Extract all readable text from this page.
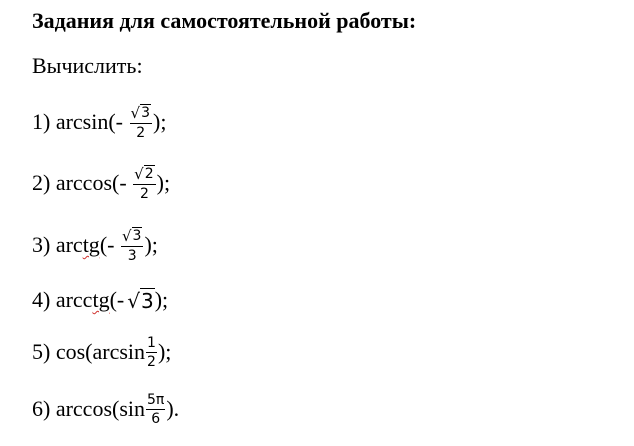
Задания для самостоятельной работы:
Вычислить:
1)
arcsin(-
$\frac{√ 3}{2}$ );
2)
arccos(-
$\frac{√ 2}{2}$ );
3)
arctg(-
$\frac{√ 3}{3}$ );
4)
arcctg(- √ 3 );
5)
$\cos(\arcsin \frac{1}{2}$ );
6)
$\arccos(\sin \frac{5\pi}{6}$ ).
